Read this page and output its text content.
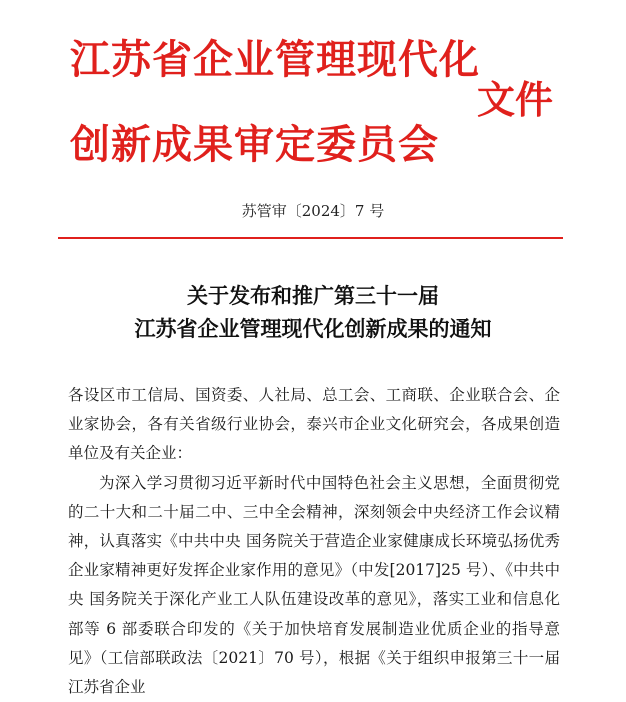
江苏省企业管理现代化
文件
创新成果审定委员会
苏管审〔2024〕7 号
关于发布和推广第三十一届
江苏省企业管理现代化创新成果的通知

各设区市工信局、国资委、人社局、总工会、工商联、企业联合会、企业家协会，各有关省级行业协会，泰兴市企业文化研究会，各成果创造单位及有关企业：

为深入学习贯彻习近平新时代中国特色社会主义思想，全面贯彻党的二十大和二十届二中、三中全会精神，深刻领会中央经济工作会议精神，认真落实《中共中央 国务院关于营造企业家健康成长环境弘扬优秀企业家精神更好发挥企业家作用的意见》（中发[2017]25 号）、《中共中央 国务院关于深化产业工人队伍建设改革的意见》，落实工业和信息化部等 6 部委联合印发的《关于加快培育发展制造业优质企业的指导意见》（工信部联政法〔2021〕70 号），根据《关于组织申报第三十一届江苏省企业
